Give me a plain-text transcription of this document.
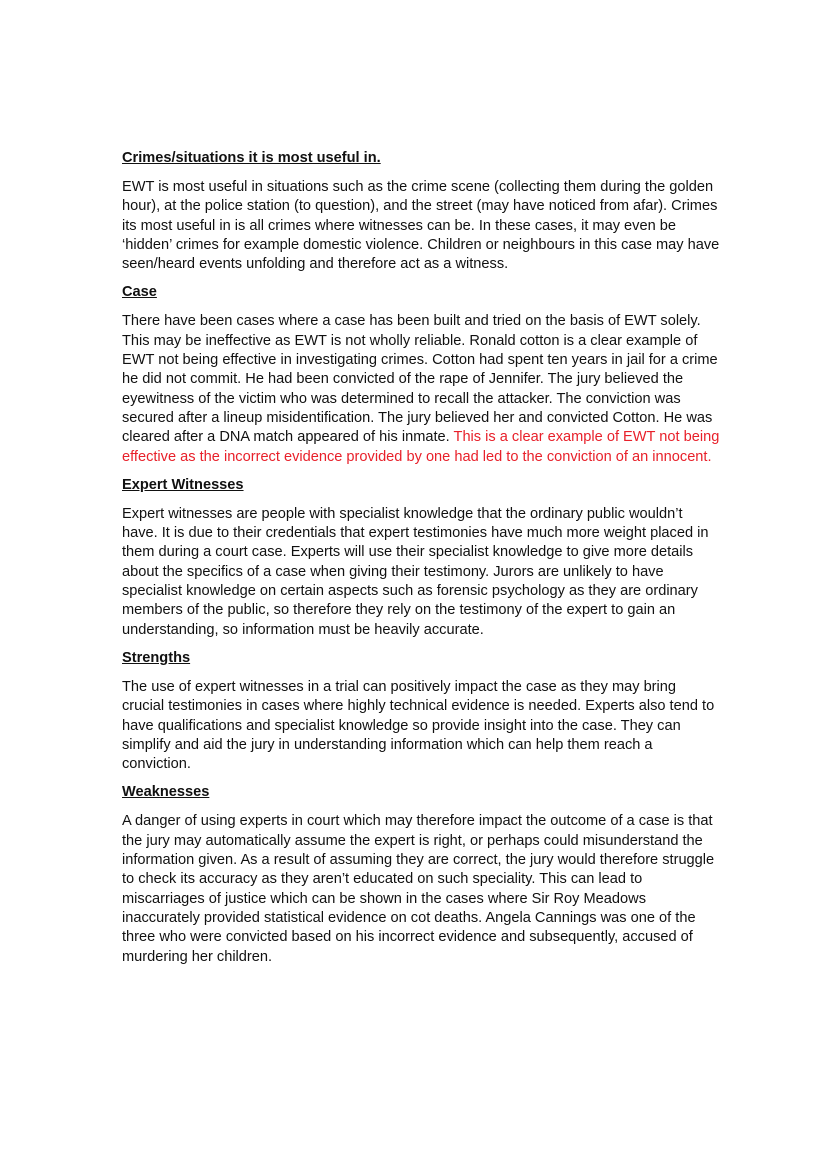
Crimes/situations it is most useful in.

EWT is most useful in situations such as the crime scene (collecting them during the golden hour), at the police station (to question), and the street (may have noticed from afar). Crimes its most useful in is all crimes where witnesses can be. In these cases, it may even be ‘hidden’ crimes for example domestic violence. Children or neighbours in this case may have seen/heard events unfolding and therefore act as a witness.

Case

There have been cases where a case has been built and tried on the basis of EWT solely. This may be ineffective as EWT is not wholly reliable. Ronald cotton is a clear example of EWT not being effective in investigating crimes. Cotton had spent ten years in jail for a crime he did not commit. He had been convicted of the rape of Jennifer. The jury believed the eyewitness of the victim who was determined to recall the attacker. The conviction was secured after a lineup misidentification. The jury believed her and convicted Cotton. He was cleared after a DNA match appeared of his inmate. This is a clear example of EWT not being effective as the incorrect evidence provided by one had led to the conviction of an innocent.

Expert Witnesses

Expert witnesses are people with specialist knowledge that the ordinary public wouldn’t have. It is due to their credentials that expert testimonies have much more weight placed in them during a court case. Experts will use their specialist knowledge to give more details about the specifics of a case when giving their testimony. Jurors are unlikely to have specialist knowledge on certain aspects such as forensic psychology as they are ordinary members of the public, so therefore they rely on the testimony of the expert to gain an understanding, so information must be heavily accurate.

Strengths

The use of expert witnesses in a trial can positively impact the case as they may bring crucial testimonies in cases where highly technical evidence is needed. Experts also tend to have qualifications and specialist knowledge so provide insight into the case. They can simplify and aid the jury in understanding information which can help them reach a conviction.

Weaknesses

A danger of using experts in court which may therefore impact the outcome of a case is that the jury may automatically assume the expert is right, or perhaps could misunderstand the information given. As a result of assuming they are correct, the jury would therefore struggle to check its accuracy as they aren’t educated on such speciality. This can lead to miscarriages of justice which can be shown in the cases where Sir Roy Meadows inaccurately provided statistical evidence on cot deaths. Angela Cannings was one of the three who were convicted based on his incorrect evidence and subsequently, accused of murdering her children.
